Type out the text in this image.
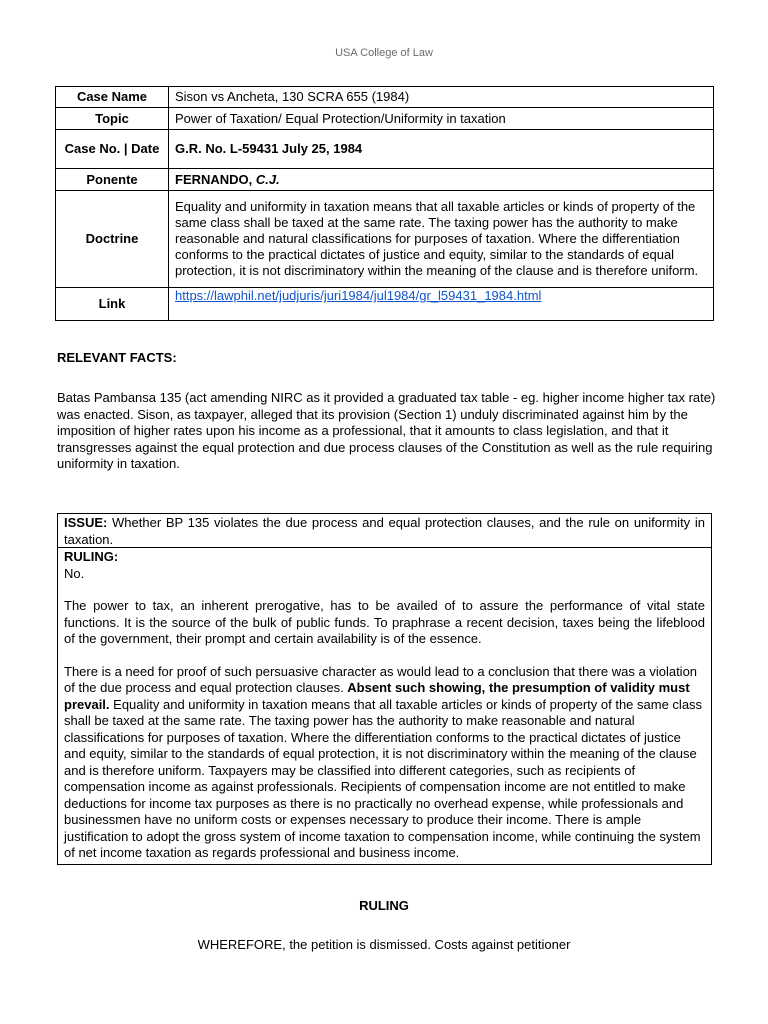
USA College of Law
Case Name	Sison vs Ancheta, 130 SCRA 655 (1984)
Topic	Power of Taxation/ Equal Protection/Uniformity in taxation
Case No. | Date	G.R. No. L-59431 July 25, 1984
Ponente	FERNANDO, C.J.
Doctrine	Equality and uniformity in taxation means that all taxable articles or kinds of property of the same class shall be taxed at the same rate. The taxing power has the authority to make reasonable and natural classifications for purposes of taxation. Where the differentiation conforms to the practical dictates of justice and equity, similar to the standards of equal protection, it is not discriminatory within the meaning of the clause and is therefore uniform.

Link	https://lawphil.net/judjuris/juri1984/jul1984/gr_l59431_1984.html
RELEVANT FACTS:
Batas Pambansa 135 (act amending NIRC as it provided a graduated tax table - eg. higher income higher tax rate) was enacted. Sison, as taxpayer, alleged that its provision (Section 1) unduly discriminated against him by the imposition of higher rates upon his income as a professional, that it amounts to class legislation, and that it transgresses against the equal protection and due process clauses of the Constitution as well as the rule requiring uniformity in taxation.
ISSUE: Whether BP 135 violates the due process and equal protection clauses, and the rule on uniformity in taxation.

RULING:

No.

The power to tax, an inherent prerogative, has to be availed of to assure the performance of vital state functions. It is the source of the bulk of public funds. To praphrase a recent decision, taxes being the lifeblood of the government, their prompt and certain availability is of the essence.

There is a need for proof of such persuasive character as would lead to a conclusion that there was a violation of the due process and equal protection clauses. Absent such showing, the presumption of validity must prevail. Equality and uniformity in taxation means that all taxable articles or kinds of property of the same class shall be taxed at the same rate. The taxing power has the authority to make reasonable and natural classifications for purposes of taxation. Where the differentiation conforms to the practical dictates of justice and equity, similar to the standards of equal protection, it is not discriminatory within the meaning of the clause and is therefore uniform. Taxpayers may be classified into different categories, such as recipients of compensation income as against professionals. Recipients of compensation income are not entitled to make deductions for income tax purposes as there is no practically no overhead expense, while professionals and businessmen have no uniform costs or expenses necessary to produce their income. There is ample justification to adopt the gross system of income taxation to compensation income, while continuing the system of net income taxation as regards professional and business income.

RULING
WHEREFORE, the petition is dismissed. Costs against petitioner
